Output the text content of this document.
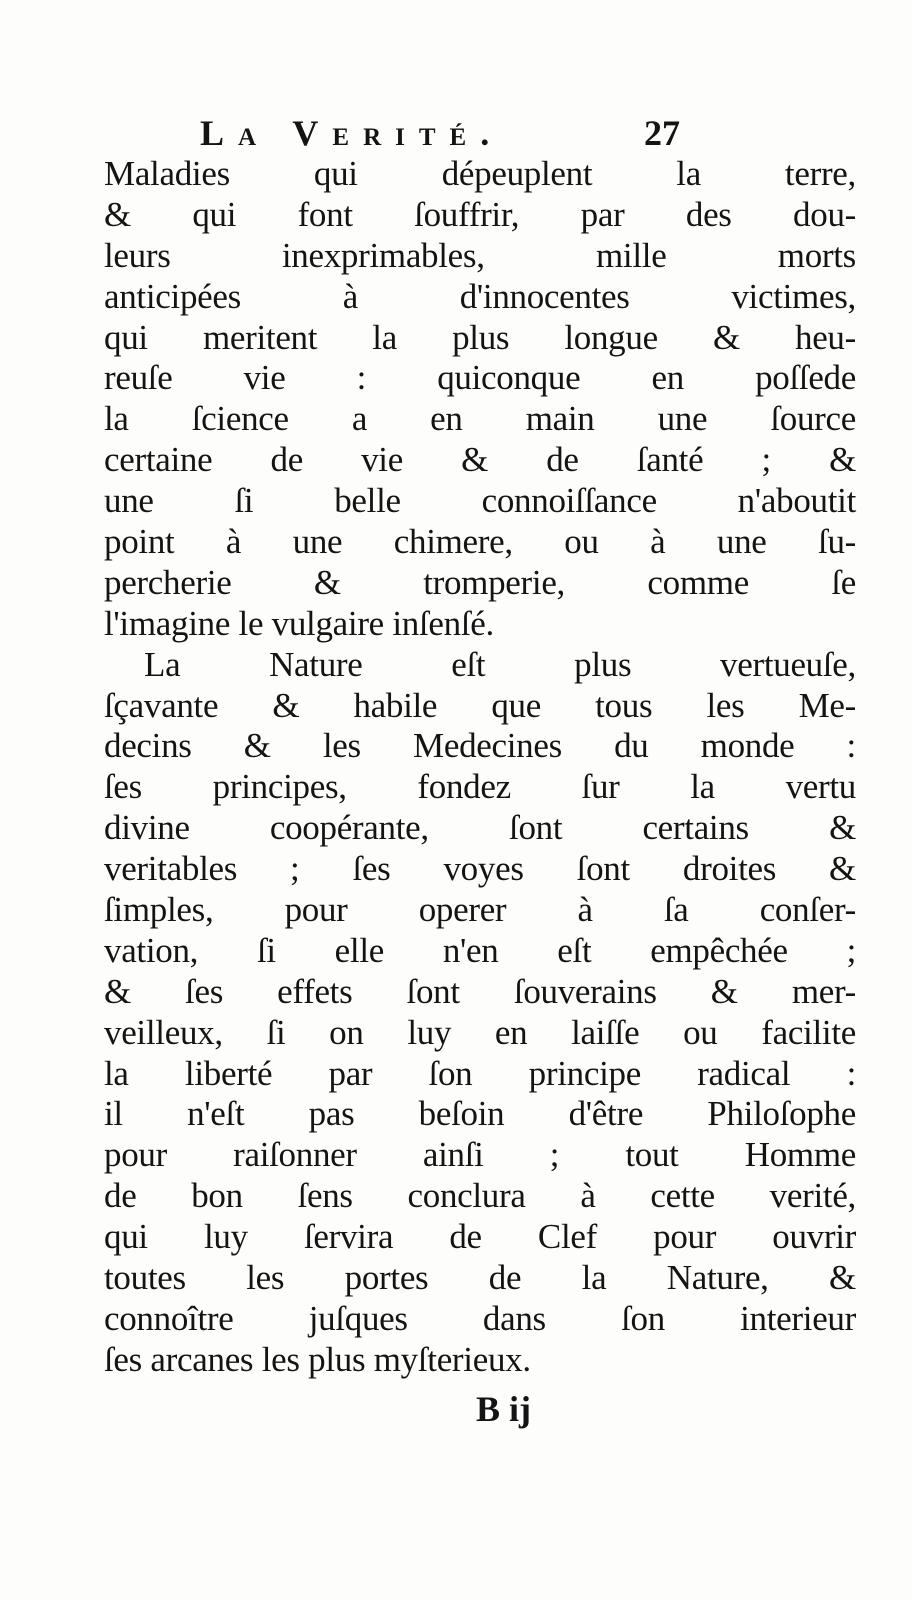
La Verité.	27
Maladies qui dépeuplent la terre,
& qui font ſouffrir, par des dou-
leurs inexprimables, mille morts
anticipées à d'innocentes victimes,
qui meritent la plus longue & heu-
reuſe vie : quiconque en poſſede
la ſcience a en main une ſource
certaine de vie & de ſanté ; &
une ſi belle connoiſſance n'aboutit
point à une chimere, ou à une ſu-
percherie & tromperie, comme ſe
l'imagine le vulgaire inſenſé.
La Nature eſt plus vertueuſe,
ſçavante & habile que tous les Me-
decins & les Medecines du monde :
ſes principes, fondez ſur la vertu
divine coopérante, ſont certains &
veritables ; ſes voyes ſont droites &
ſimples, pour operer à ſa conſer-
vation, ſi elle n'en eſt empêchée ;
& ſes effets ſont ſouverains & mer-
veilleux, ſi on luy en laiſſe ou facilite
la liberté par ſon principe radical :
il n'eſt pas beſoin d'être Philoſophe
pour raiſonner ainſi ; tout Homme
de bon ſens conclura à cette verité,
qui luy ſervira de Clef pour ouvrir
toutes les portes de la Nature, &
connoître juſques dans ſon interieur
ſes arcanes les plus myſterieux.
B ij
